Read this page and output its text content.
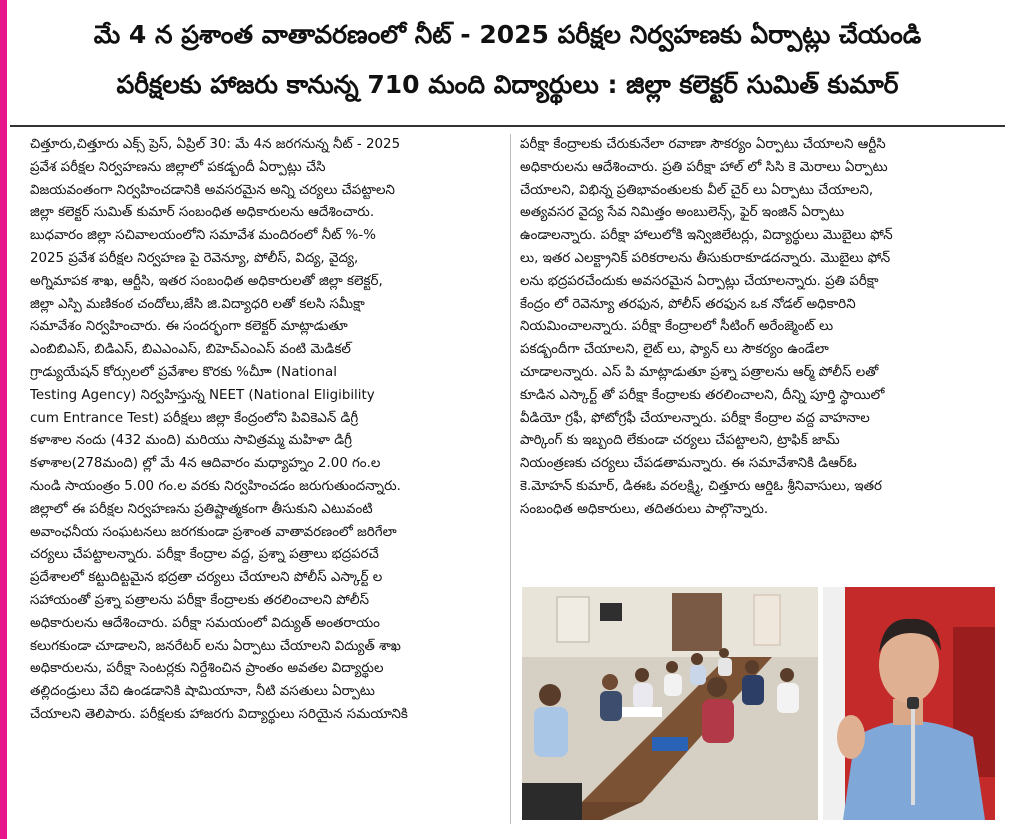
మే 4 న ప్రశాంత వాతావరణంలో నీట్ - 2025 పరీక్షల నిర్వహణకు ఏర్పాట్లు చేయండి
పరీక్షలకు హాజరు కానున్న 710 మంది విద్యార్థులు : జిల్లా కలెక్టర్ సుమిత్ కుమార్

చిత్తూరు,చిత్తూరు ఎక్స్ ప్రెస్, ఏప్రిల్ 30: మే 4న జరగనున్న నీట్ - 2025

ప్రవేశ పరీక్షల నిర్వహణను జిల్లాలో పకడ్బందీ ఏర్పాట్లు చేసి

విజయవంతంగా నిర్వహించడానికి అవసరమైన అన్ని చర్యలు చేపట్టాలని

జిల్లా కలెక్టర్ సుమిత్ కుమార్ సంబంధిత అధికారులను ఆదేశించారు.

బుధవారం జిల్లా సచివాలయంలోని సమావేశ మందిరంలో నీట్ %-%

2025 ప్రవేశ పరీక్షల నిర్వహణ పై రెవెన్యూ, పోలీస్, విద్య, వైద్య,

అగ్నిమాపక శాఖ, ఆర్టీసి, ఇతర సంబంధిత అధికారులతో జిల్లా కలెక్టర్,

జిల్లా ఎస్పి మణికంఠ చందోలు,జేసి జి.విద్యాధరి లతో కలసి సమీక్షా

సమావేశం నిర్వహించారు. ఈ సందర్భంగా కలెక్టర్ మాట్లాడుతూ

ఎంబిబిఎస్, బిడిఎస్, బిఎఎంఎస్, బిహెచ్ఎంఎస్ వంటి మెడికల్

గ్రాడ్యుయేషన్ కోర్సులలో ప్రవేశాల కొరకు %చీూా (National

Testing Agency) నిర్వహిస్తున్న NEET (National Eligibility

cum Entrance Test) పరీక్షలు జిల్లా కేంద్రంలోని పివికెఎన్ డిగ్రీ

కళాశాల నందు (432 మంది) మరియు సావిత్రమ్మ మహిళా డిగ్రీ

కళాశాల(278మంది) ల్లో మే 4న ఆదివారం మధ్యాహ్నం 2.00 గం.ల

నుండి సాయంత్రం 5.00 గం.ల వరకు నిర్వహించడం జరుగుతుందన్నారు.

జిల్లాలో ఈ పరీక్షల నిర్వహణను ప్రతిష్టాత్మకంగా తీసుకుని ఎటువంటి

అవాంఛనీయ సంఘటనలు జరగకుండా ప్రశాంత వాతావరణంలో జరిగేలా

చర్యలు చేపట్టాలన్నారు. పరీక్షా కేంద్రాల వద్ద, ప్రశ్నా పత్రాలు భద్రపరచే

ప్రదేశాలలో కట్టుదిట్టమైన భద్రతా చర్యలు చేయాలని పోలీస్ ఎస్కార్ట్ ల

సహాయంతో ప్రశ్నా పత్రాలను పరీక్షా కేంద్రాలకు తరలించాలని పోలీస్

అధికారులను ఆదేశించారు. పరీక్షా సమయంలో విద్యుత్ అంతరాయం

కలుగకుండా చూడాలని, జనరేటర్ లను ఏర్పాటు చేయాలని విద్యుత్ శాఖ

అధికారులను, పరీక్షా సెంటర్లకు నిర్దేశించిన ప్రాంతం అవతల విద్యార్థుల

తల్లిదండ్రులు వేచి ఉండడానికి షామియానా, నీటి వసతులు ఏర్పాటు

చేయాలని తెలిపారు. పరీక్షలకు హాజరగు విద్యార్థులు సరియైన సమయానికి

పరీక్షా కేంద్రాలకు చేరుకునేలా రవాణా సౌకర్యం ఏర్పాటు చేయాలని ఆర్టీసి

అధికారులను ఆదేశించారు. ప్రతి పరీక్షా హాల్ లో సిసి కె మెరాలు ఏర్పాటు

చేయాలని, విభిన్న ప్రతిభావంతులకు వీల్ చైర్ లు ఏర్పాటు చేయాలని,

అత్యవసర వైద్య సేవ నిమిత్తం అంబులెన్స్, ఫైర్ ఇంజిన్ ఏర్పాటు

ఉండాలన్నారు. పరీక్షా హాలులోకి ఇన్విజిలేటర్లు, విద్యార్థులు మొబైలు ఫోన్

లు, ఇతర ఎలక్ట్రానిక్ పరికరాలను తీసుకురాకూడదన్నారు. మొబైలు ఫోన్

లను భద్రపరచేందుకు అవసరమైన ఏర్పాట్లు చేయాలన్నారు. ప్రతి పరీక్షా

కేంద్రం లో రెవెన్యూ తరఫున, పోలీస్ తరఫున ఒక నోడల్ అధికారిని

నియమించాలన్నారు. పరీక్షా కేంద్రాలలో సీటింగ్ అరేంజ్మెంట్ లు

పకడ్బందీగా చేయాలని, లైట్ లు, ఫ్యాన్ లు సౌకర్యం ఉండేలా

చూడాలన్నారు. ఎస్ పి మాట్లాడుతూ ప్రశ్నా పత్రాలను ఆర్మ్ పోలీస్ లతో

కూడిన ఎస్కార్ట్ తో పరీక్షా కేంద్రాలకు తరలించాలని, దీన్ని పూర్తి స్థాయిలో

వీడియో గ్రఫీ, ఫోటోగ్రఫీ చేయాలన్నారు. పరీక్షా కేంద్రాల వద్ద వాహనాల

పార్కింగ్ కు ఇబ్బంది లేకుండా చర్యలు చేపట్టాలని, ట్రాఫిక్ జామ్

నియంత్రణకు చర్యలు చేపడతామన్నారు. ఈ సమావేశానికి డిఆర్ఓ

కె.మోహన్ కుమార్, డిఈఓ వరలక్ష్మి, చిత్తూరు ఆర్డిఓ శ్రీనివాసులు, ఇతర

సంబంధిత అధికారులు, తదితరులు పాల్గొన్నారు.
